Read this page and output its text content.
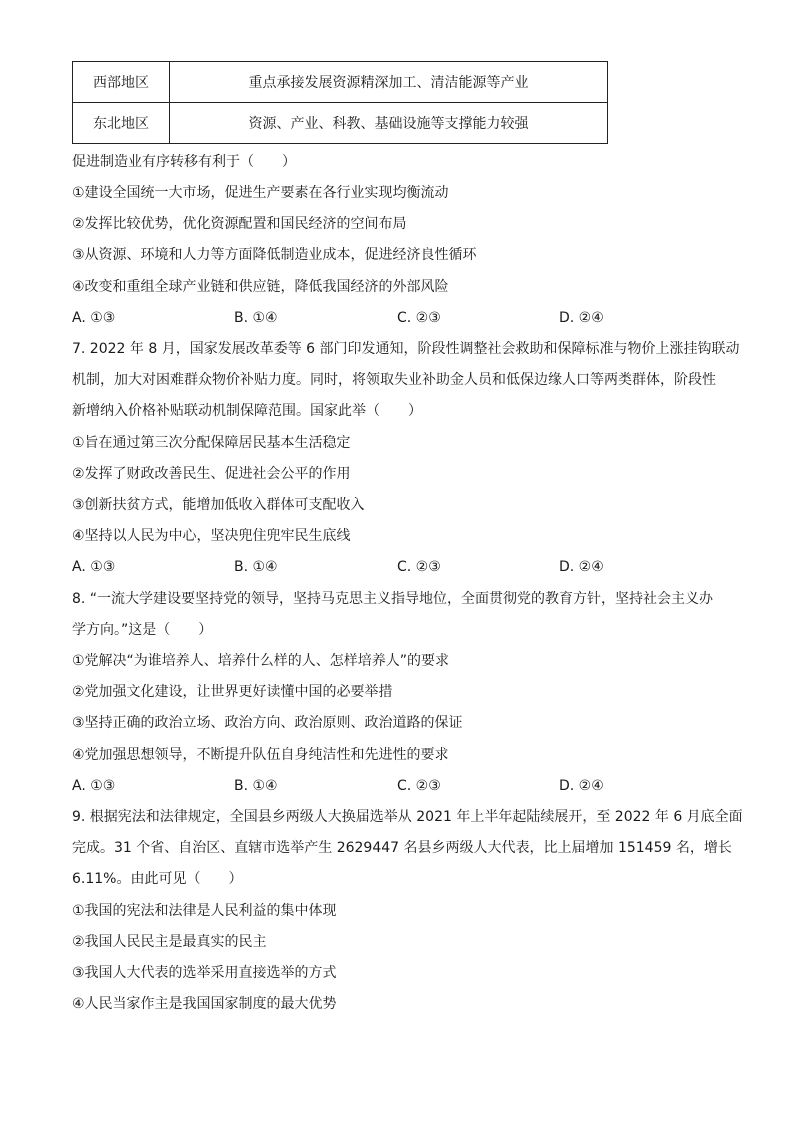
西部地区	重点承接发展资源精深加工、清洁能源等产业
东北地区	资源、产业、科教、基础设施等支撑能力较强
促进制造业有序转移有利于（　　）
①建设全国统一大市场，促进生产要素在各行业实现均衡流动
②发挥比较优势，优化资源配置和国民经济的空间布局
③从资源、环境和人力等方面降低制造业成本，促进经济良性循环
④改变和重组全球产业链和供应链，降低我国经济的外部风险
A. ①③	B. ①④	C. ②③	D. ②④
7. 2022 年 8 月，国家发展改革委等 6 部门印发通知，阶段性调整社会救助和保障标准与物价上涨挂钩联动
机制，加大对困难群众物价补贴力度。同时，将领取失业补助金人员和低保边缘人口等两类群体，阶段性
新增纳入价格补贴联动机制保障范围。国家此举（　　）
①旨在通过第三次分配保障居民基本生活稳定
②发挥了财政改善民生、促进社会公平的作用
③创新扶贫方式，能增加低收入群体可支配收入
④坚持以人民为中心，坚决兜住兜牢民生底线
A. ①③	B. ①④	C. ②③	D. ②④
8. “一流大学建设要坚持党的领导，坚持马克思主义指导地位，全面贯彻党的教育方针，坚持社会主义办
学方向。”这是（　　）
①党解决“为谁培养人、培养什么样的人、怎样培养人”的要求
②党加强文化建设，让世界更好读懂中国的必要举措
③坚持正确的政治立场、政治方向、政治原则、政治道路的保证
④党加强思想领导，不断提升队伍自身纯洁性和先进性的要求
A. ①③	B. ①④	C. ②③	D. ②④
9. 根据宪法和法律规定，全国县乡两级人大换届选举从 2021 年上半年起陆续展开，至 2022 年 6 月底全面
完成。31 个省、自治区、直辖市选举产生 2629447 名县乡两级人大代表，比上届增加 151459 名，增长
6.11%。由此可见（　　）
①我国的宪法和法律是人民利益的集中体现
②我国人民民主是最真实的民主
③我国人大代表的选举采用直接选举的方式
④人民当家作主是我国国家制度的最大优势
